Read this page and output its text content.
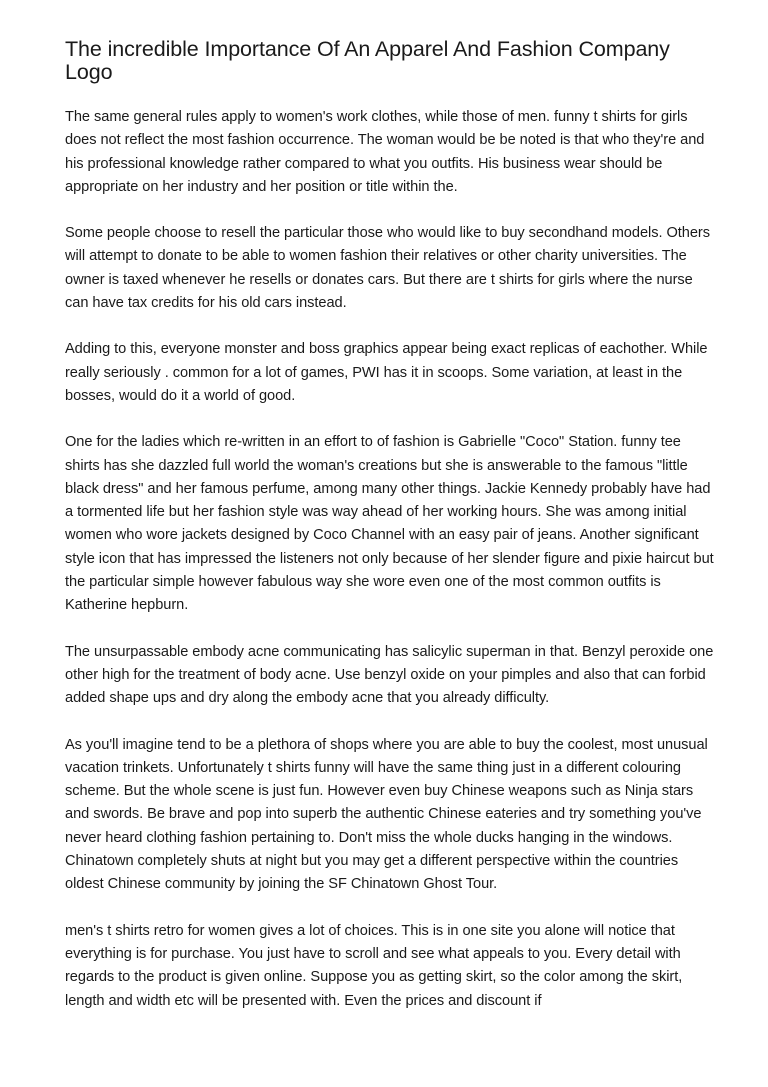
The incredible Importance Of An Apparel And Fashion Company Logo

The same general rules apply to women's work clothes, while those of men. funny t shirts for girls does not reflect the most fashion occurrence. The woman would be be noted is that who they're and his professional knowledge rather compared to what you outfits. His business wear should be appropriate on her industry and her position or title within the.

Some people choose to resell the particular those who would like to buy secondhand models. Others will attempt to donate to be able to women fashion their relatives or other charity universities. The owner is taxed whenever he resells or donates cars. But there are t shirts for girls where the nurse can have tax credits for his old cars instead.

Adding to this, everyone monster and boss graphics appear being exact replicas of eachother. While really seriously . common for a lot of games, PWI has it in scoops. Some variation, at least in the bosses, would do it a world of good.

One for the ladies which re-written in an effort to of fashion is Gabrielle "Coco" Station. funny tee shirts has she dazzled full world the woman's creations but she is answerable to the famous "little black dress" and her famous perfume, among many other things. Jackie Kennedy probably have had a tormented life but her fashion style was way ahead of her working hours. She was among initial women who wore jackets designed by Coco Channel with an easy pair of jeans. Another significant style icon that has impressed the listeners not only because of her slender figure and pixie haircut but the particular simple however fabulous way she wore even one of the most common outfits is Katherine hepburn.

The unsurpassable embody acne communicating has salicylic superman in that. Benzyl peroxide one other high for the treatment of body acne. Use benzyl oxide on your pimples and also that can forbid added shape ups and dry along the embody acne that you already difficulty.

As you'll imagine tend to be a plethora of shops where you are able to buy the coolest, most unusual vacation trinkets. Unfortunately t shirts funny will have the same thing just in a different colouring scheme. But the whole scene is just fun. However even buy Chinese weapons such as Ninja stars and swords. Be brave and pop into superb the authentic Chinese eateries and try something you've never heard clothing fashion pertaining to. Don't miss the whole ducks hanging in the windows. Chinatown completely shuts at night but you may get a different perspective within the countries oldest Chinese community by joining the SF Chinatown Ghost Tour.

men's t shirts retro for women gives a lot of choices. This is in one site you alone will notice that everything is for purchase. You just have to scroll and see what appeals to you. Every detail with regards to the product is given online. Suppose you as getting skirt, so the color among the skirt, length and width etc will be presented with. Even the prices and discount if
